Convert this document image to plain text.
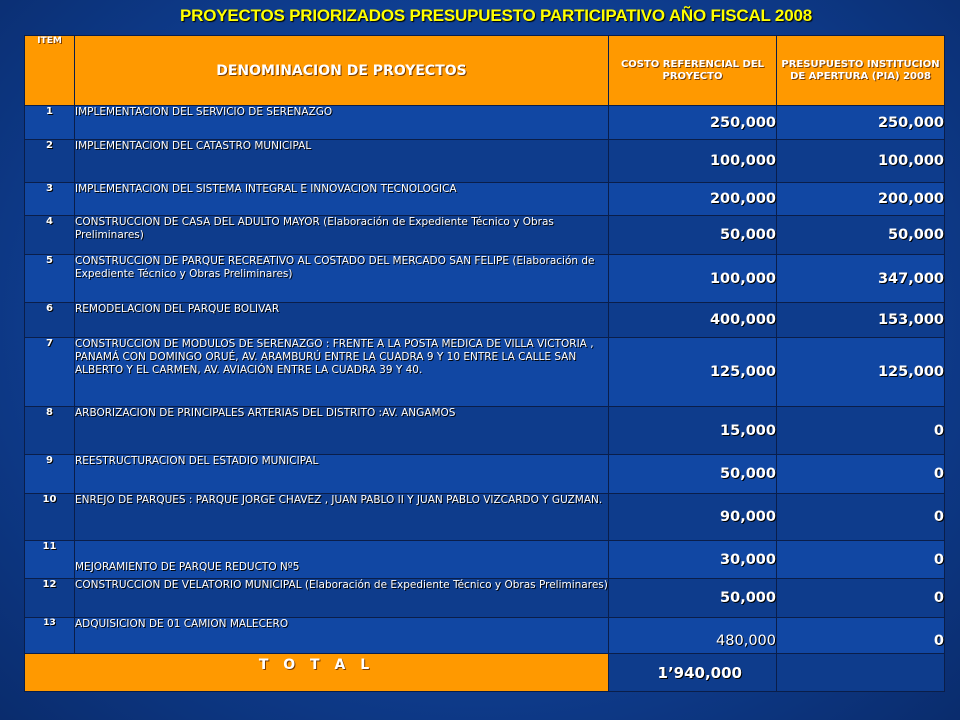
PROYECTOS PRIORIZADOS PRESUPUESTO PARTICIPATIVO AÑO FISCAL 2008
ITEM	DENOMINACION DE PROYECTOS	COSTO REFERENCIAL DEL PROYECTO	PRESUPUESTO INSTITUCION DE APERTURA (PIA) 2008
1	IMPLEMENTACION DEL SERVICIO DE SERENAZGO	250,000	250,000
2	IMPLEMENTACION DEL CATASTRO MUNICIPAL	100,000	100,000
3	IMPLEMENTACION DEL SISTEMA INTEGRAL E INNOVACION TECNOLOGICA	200,000	200,000
4	CONSTRUCCION DE CASA DEL ADULTO MAYOR (Elaboración de Expediente Técnico y Obras Preliminares)	50,000	50,000
5	CONSTRUCCION DE PARQUE RECREATIVO AL COSTADO DEL MERCADO SAN FELIPE (Elaboración de Expediente Técnico y Obras Preliminares)	100,000	347,000
6	REMODELACION DEL PARQUE BOLIVAR	400,000	153,000
7	CONSTRUCCION DE MODULOS DE SERENAZGO : FRENTE A LA POSTA MEDICA DE VILLA VICTORIA , PANAMÁ CON DOMINGO ORUÉ, AV. ARAMBURÚ ENTRE LA CUADRA 9 Y 10 ENTRE LA CALLE SAN ALBERTO Y EL CARMEN, AV. AVIACIÓN ENTRE LA CUADRA 39 Y 40.	125,000	125,000
8	ARBORIZACION DE PRINCIPALES ARTERIAS DEL DISTRITO :AV. ANGAMOS	15,000	0
9	REESTRUCTURACION DEL ESTADIO MUNICIPAL	50,000	0
10	ENREJO DE PARQUES : PARQUE JORGE CHAVEZ , JUAN PABLO II Y JUAN PABLO VIZCARDO Y GUZMAN.	90,000	0
11	MEJORAMIENTO DE PARQUE REDUCTO Nº5	30,000	0
12	CONSTRUCCION DE VELATORIO MUNICIPAL (Elaboración de Expediente Técnico y Obras Preliminares)	50,000	0
13	ADQUISICION DE 01 CAMION MALECERO	480,000	0
T O T A L		1’940,000	
